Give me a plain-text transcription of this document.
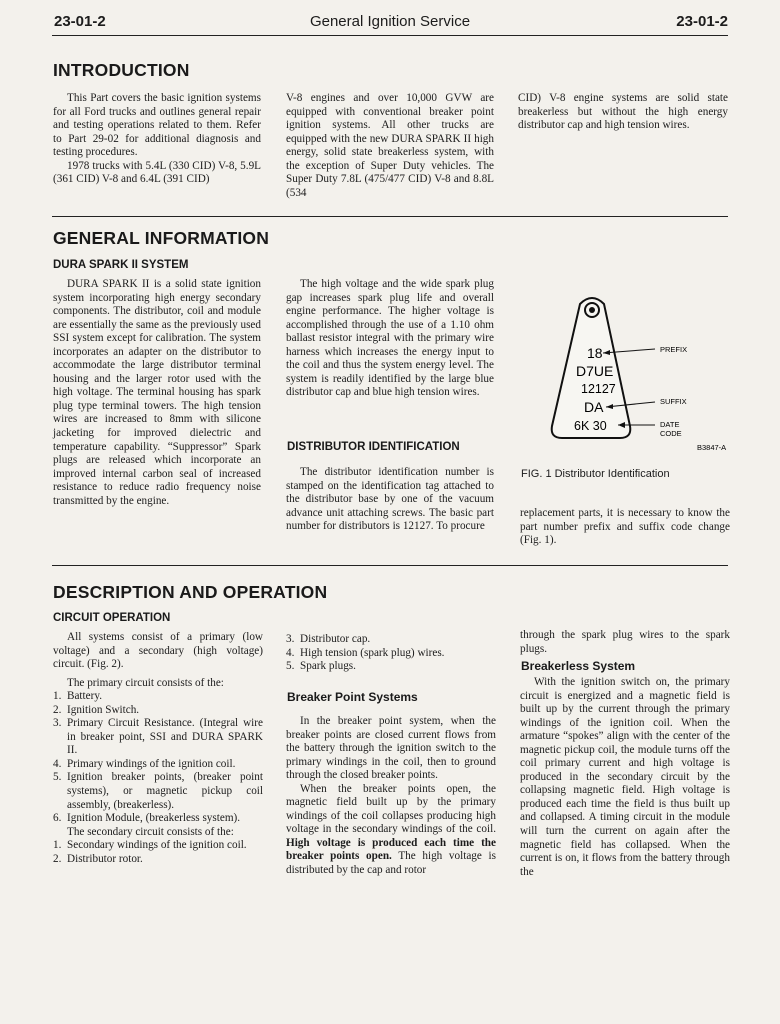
23-01-2	General Ignition Service	23-01-2
INTRODUCTION

This Part covers the basic ignition systems for all Ford trucks and outlines general repair and testing operations related to them. Refer to Part 29-02 for additional diagnosis and testing procedures.

1978 trucks with 5.4L (330 CID) V-8, 5.9L (361 CID) V-8 and 6.4L (391 CID)

V-8 engines and over 10,000 GVW are equipped with conventional breaker point ignition systems. All other trucks are equipped with the new DURA SPARK II high energy, solid state breakerless system, with the exception of Super Duty vehicles. The Super Duty 7.8L (475/477 CID) V-8 and 8.8L (534

CID) V-8 engine systems are solid state breakerless but without the high energy distributor cap and high tension wires.

GENERAL INFORMATION
DURA SPARK II SYSTEM

DURA SPARK II is a solid state ignition system incorporating high energy secondary components. The distributor, coil and module are essentially the same as the previously used SSI system except for calibration. The system incorporates an adapter on the distributor to accommodate the large distributor terminal housing and the larger rotor used with the high voltage. The terminal housing has spark plug type terminal towers. The high tension wires are increased to 8mm with silicone jacketing for improved dielectric and temperature capability. “Suppressor” Spark plugs are released which incorporate an improved internal carbon seal of increased resistance to reduce radio frequency noise transmitted by the engine.

The high voltage and the wide spark plug gap increases spark plug life and overall engine performance. The higher voltage is accomplished through the use of a 1.10 ohm ballast resistor integral with the primary wire harness which increases the energy input to the coil and thus the system energy level. The system is readily identified by the large blue distributor cap and blue high tension wires.

DISTRIBUTOR IDENTIFICATION

The distributor identification number is stamped on the identification tag attached to the distributor base by one of the vacuum advance unit attaching screws. The basic part number for distributors is 12127. To procure

replacement parts, it is necessary to know the part number prefix and suffix code change (Fig. 1).

18
D7UE
12127
DA
6K 30
PREFIX
SUFFIX
DATE
CODE
B3847-A
FIG. 1 Distributor Identification
DESCRIPTION AND OPERATION
CIRCUIT OPERATION

All systems consist of a primary (low voltage) and a secondary (high voltage) circuit. (Fig. 2).

The primary circuit consists of the:

1. Battery.
2. Ignition Switch.
3. Primary Circuit Resistance. (Integral wire in breaker point, SSI and DURA SPARK II.
4. Primary windings of the ignition coil.
5. Ignition breaker points, (breaker point systems), or magnetic pickup coil assembly, (breakerless).
6. Ignition Module, (breakerless system).

The secondary circuit consists of the:

1. Secondary windings of the ignition coil.
2. Distributor rotor.
3. Distributor cap.
4. High tension (spark plug) wires.
5. Spark plugs.
Breaker Point Systems

In the breaker point system, when the breaker points are closed current flows from the battery through the ignition switch to the primary windings in the coil, then to ground through the closed breaker points.

When the breaker points open, the magnetic field built up by the primary windings of the coil collapses producing high voltage in the secondary windings of the coil. High voltage is produced each time the breaker points open. The high voltage is distributed by the cap and rotor

through the spark plug wires to the spark plugs.

Breakerless System

With the ignition switch on, the primary circuit is energized and a magnetic field is built up by the current through the primary windings of the ignition coil. When the armature “spokes” align with the center of the magnetic pickup coil, the module turns off the coil primary current and high voltage is produced in the secondary circuit by the collapsing magnetic field. High voltage is produced each time the field is thus built up and collapsed. A timing circuit in the module will turn the current on again after the magnetic field has collapsed. When the current is on, it flows from the battery through the
